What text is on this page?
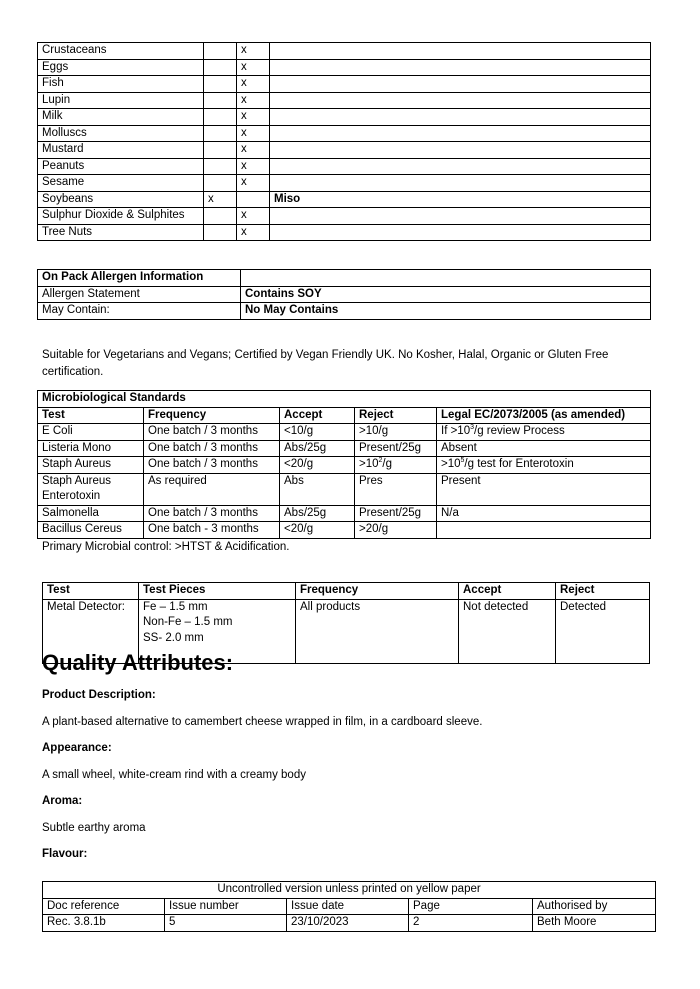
Crustaceans		x	
Eggs		x	
Fish		x	
Lupin		x	
Milk		x	
Molluscs		x	
Mustard		x	
Peanuts		x	
Sesame		x	
Soybeans	x		Miso
Sulphur Dioxide & Sulphites		x	
Tree Nuts		x	
On Pack Allergen Information	
Allergen Statement	Contains SOY
May Contain:	No May Contains

Suitable for Vegetarians and Vegans; Certified by Vegan Friendly UK. No Kosher, Halal, Organic or Gluten Free certification.

Microbiological Standards				
Test	Frequency	Accept	Reject	Legal EC/2073/2005 (as amended)
E Coli	One batch / 3 months	<10/g	>10/g	$If >10^3/g$ review Process
Listeria Mono	One batch / 3 months	Abs/25g	Present/25g	Absent
Staph Aureus	One batch / 3 months	<20/g	$>10^2/g$	$>10^5/g$ test for Enterotoxin
Staph Aureus Enterotoxin	As required	Abs	Pres	Present
Salmonella	One batch / 3 months	Abs/25g	Present/25g	N/a
Bacillus Cereus	One batch - 3 months	<20/g	>20/g	

Primary Microbial control: >HTST & Acidification.

Test	Test Pieces	Frequency	Accept	Reject
Metal Detector:	Fe – 1.5 mm
Non-Fe – 1.5 mm
SS- 2.0 mm	All products	Not detected	Detected
Quality Attributes:

Product Description:

A plant-based alternative to camembert cheese wrapped in film, in a cardboard sleeve.

Appearance:

A small wheel, white-cream rind with a creamy body

Aroma:

Subtle earthy aroma

Flavour:

Uncontrolled version unless printed on yellow paper				
Doc reference	Issue number	Issue date	Page	Authorised by
Rec. 3.8.1b	5	23/10/2023	2	Beth Moore
